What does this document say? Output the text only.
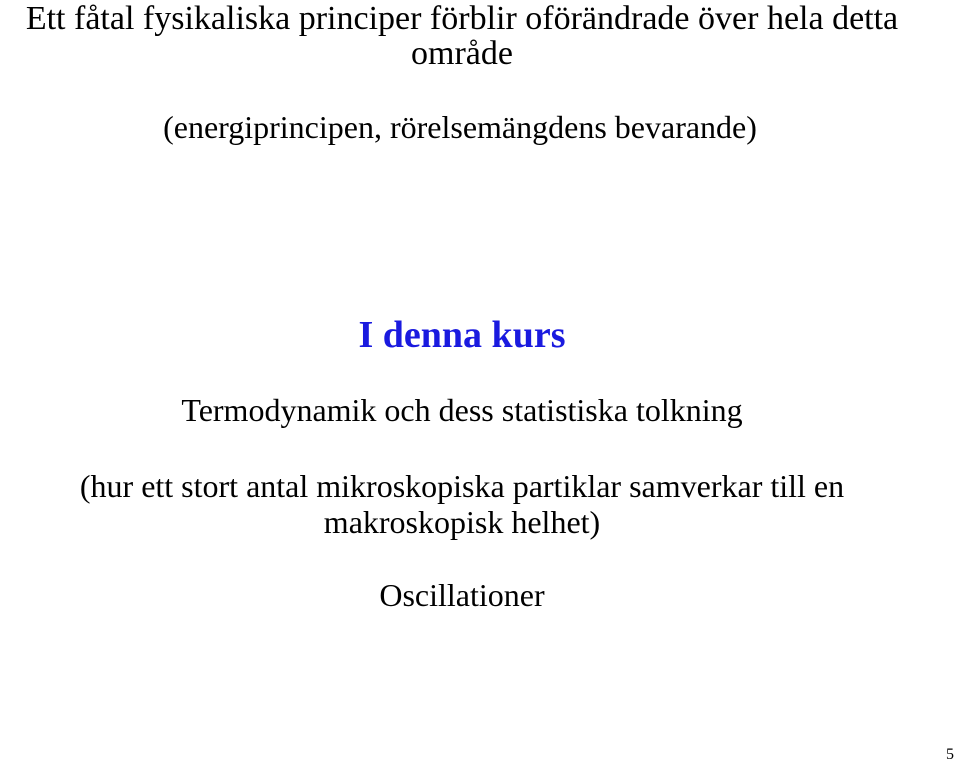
Ett fåtal fysikaliska principer förblir oförändrade över hela detta

område

(energiprincipen, rörelsemängdens bevarande)

I denna kurs

Termodynamik och dess statistiska tolkning

(hur ett stort antal mikroskopiska partiklar samverkar till en

makroskopisk helhet)

Oscillationer

5
